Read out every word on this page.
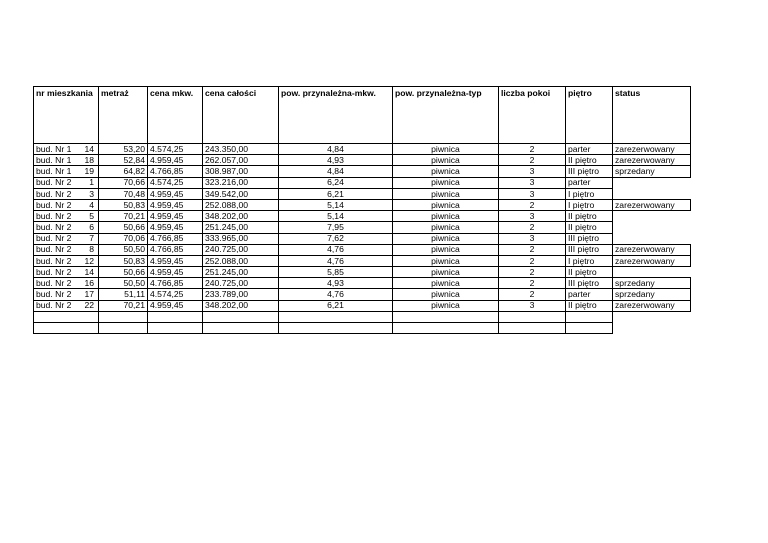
nr mieszkania	metraż	cena mkw.	cena całości	pow. przynależna-mkw.	pow. przynależna-typ	liczba pokoi	piętro	status

bud. Nr 1 14	53,20	4.574,25	243.350,00	4,84	piwnica	2	parter	zarezerwowany

bud. Nr 1 18	52,84	4.959,45	262.057,00	4,93	piwnica	2	II piętro	zarezerwowany

bud. Nr 1 19	64,82	4.766,85	308.987,00	4,84	piwnica	3	III piętro	sprzedany

bud. Nr 2 1	70,66	4.574,25	323.216,00	6,24	piwnica	3	parter	

bud. Nr 2 3	70,48	4.959,45	349.542,00	6,21	piwnica	3	I piętro	

bud. Nr 2 4	50,83	4.959,45	252.088,00	5,14	piwnica	2	I piętro	zarezerwowany

bud. Nr 2 5	70,21	4.959,45	348.202,00	5,14	piwnica	3	II piętro	

bud. Nr 2 6	50,66	4.959,45	251.245,00	7,95	piwnica	2	II piętro	

bud. Nr 2 7	70,06	4.766,85	333.965,00	7,62	piwnica	3	III piętro	

bud. Nr 2 8	50,50	4.766,85	240.725,00	4,76	piwnica	2	III piętro	zarezerwowany

bud. Nr 2 12	50,83	4.959,45	252.088,00	4,76	piwnica	2	I piętro	zarezerwowany

bud. Nr 2 14	50,66	4.959,45	251.245,00	5,85	piwnica	2	II piętro	

bud. Nr 2 16	50,50	4.766,85	240.725,00	4,93	piwnica	2	III piętro	sprzedany

bud. Nr 2 17	51,11	4.574,25	233.789,00	4,76	piwnica	2	parter	sprzedany

bud. Nr 2 22	70,21	4.959,45	348.202,00	6,21	piwnica	3	II piętro	zarezerwowany
